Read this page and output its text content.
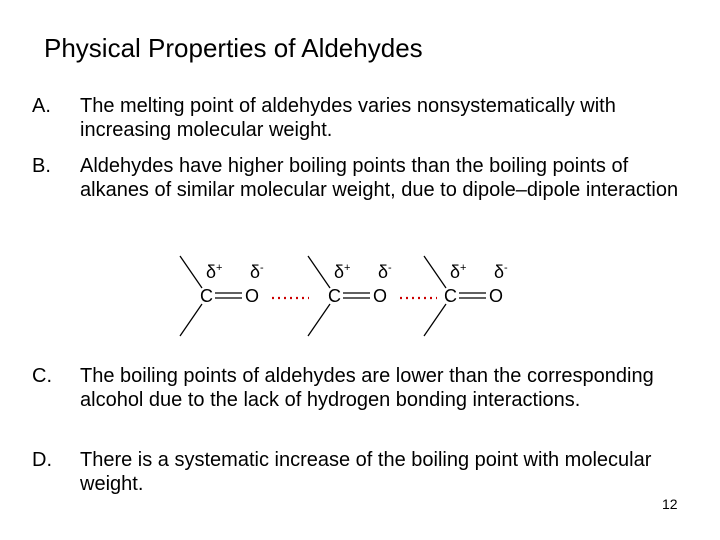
Physical Properties of Aldehydes
A. The melting point of aldehydes varies nonsystematically with increasing molecular weight.
B. Aldehydes have higher boiling points than the boiling points of alkanes of similar molecular weight, due to dipole–dipole interaction
δ+ δ-
C O
δ+ δ-
C O
δ+ δ-
C O
C. The boiling points of aldehydes are lower than the corresponding alcohol due to the lack of hydrogen bonding interactions.
D. There is a systematic increase of the boiling point with molecular weight.
12
